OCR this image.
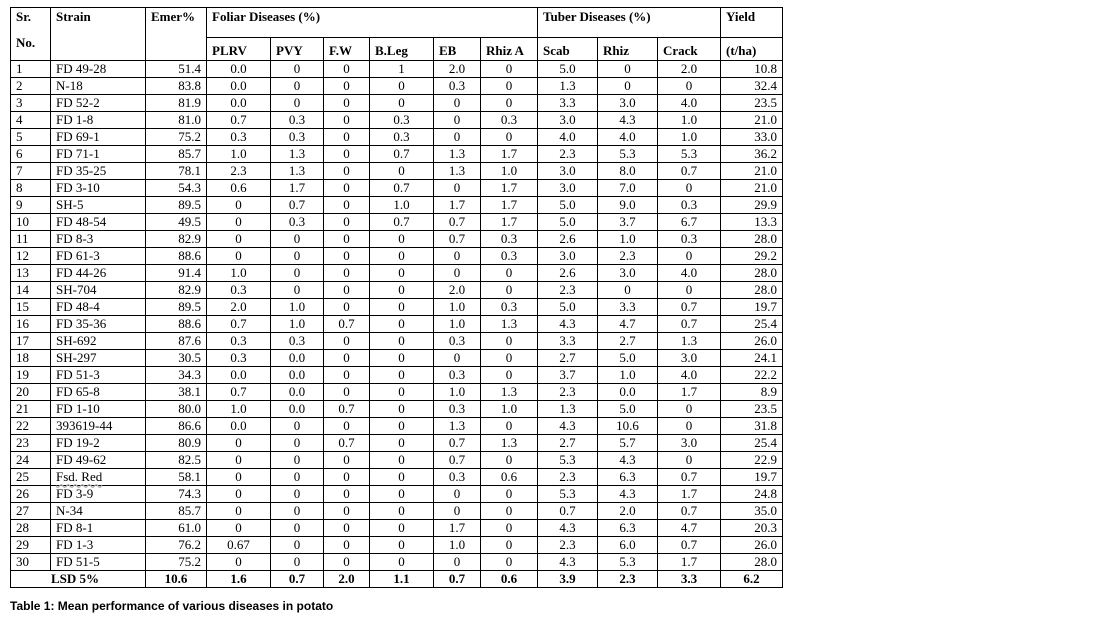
Sr.
No.	Strain	Emer%	Foliar Diseases (%)						Tuber Diseases (%)			Yield
			PLRV	PVY	F.W	B.Leg	EB	Rhiz A	Scab	Rhiz	Crack	(t/ha)
1	FD 49-28	51.4	0.0	0	0	1	2.0	0	5.0	0	2.0	10.8
2	N-18	83.8	0.0	0	0	0	0.3	0	1.3	0	0	32.4
3	FD 52-2	81.9	0.0	0	0	0	0	0	3.3	3.0	4.0	23.5
4	FD 1-8	81.0	0.7	0.3	0	0.3	0	0.3	3.0	4.3	1.0	21.0
5	FD 69-1	75.2	0.3	0.3	0	0.3	0	0	4.0	4.0	1.0	33.0
6	FD 71-1	85.7	1.0	1.3	0	0.7	1.3	1.7	2.3	5.3	5.3	36.2
7	FD 35-25	78.1	2.3	1.3	0	0	1.3	1.0	3.0	8.0	0.7	21.0
8	FD 3-10	54.3	0.6	1.7	0	0.7	0	1.7	3.0	7.0	0	21.0
9	SH-5	89.5	0	0.7	0	1.0	1.7	1.7	5.0	9.0	0.3	29.9
10	FD 48-54	49.5	0	0.3	0	0.7	0.7	1.7	5.0	3.7	6.7	13.3
11	FD 8-3	82.9	0	0	0	0	0.7	0.3	2.6	1.0	0.3	28.0
12	FD 61-3	88.6	0	0	0	0	0	0.3	3.0	2.3	0	29.2
13	FD 44-26	91.4	1.0	0	0	0	0	0	2.6	3.0	4.0	28.0
14	SH-704	82.9	0.3	0	0	0	2.0	0	2.3	0	0	28.0
15	FD 48-4	89.5	2.0	1.0	0	0	1.0	0.3	5.0	3.3	0.7	19.7
16	FD 35-36	88.6	0.7	1.0	0.7	0	1.0	1.3	4.3	4.7	0.7	25.4
17	SH-692	87.6	0.3	0.3	0	0	0.3	0	3.3	2.7	1.3	26.0
18	SH-297	30.5	0.3	0.0	0	0	0	0	2.7	5.0	3.0	24.1
19	FD 51-3	34.3	0.0	0.0	0	0	0.3	0	3.7	1.0	4.0	22.2
20	FD 65-8	38.1	0.7	0.0	0	0	1.0	1.3	2.3	0.0	1.7	8.9
21	FD 1-10	80.0	1.0	0.0	0.7	0	0.3	1.0	1.3	5.0	0	23.5
22	393619-44	86.6	0.0	0	0	0	1.3	0	4.3	10.6	0	31.8
23	FD 19-2	80.9	0	0	0.7	0	0.7	1.3	2.7	5.7	3.0	25.4
24	FD 49-62	82.5	0	0	0	0	0.7	0	5.3	4.3	0	22.9
25	Fsd. Red	58.1	0	0	0	0	0.3	0.6	2.3	6.3	0.7	19.7
26	FD 3-9	74.3	0	0	0	0	0	0	5.3	4.3	1.7	24.8
27	N-34	85.7	0	0	0	0	0	0	0.7	2.0	0.7	35.0
28	FD 8-1	61.0	0	0	0	0	1.7	0	4.3	6.3	4.7	20.3
29	FD 1-3	76.2	0.67	0	0	0	1.0	0	2.3	6.0	0.7	26.0
30	FD 51-5	75.2	0	0	0	0	0	0	4.3	5.3	1.7	28.0
LSD 5%		10.6	1.6	0.7	2.0	1.1	0.7	0.6	3.9	2.3	3.3	6.2
Table 1: Mean performance of various diseases in potato
